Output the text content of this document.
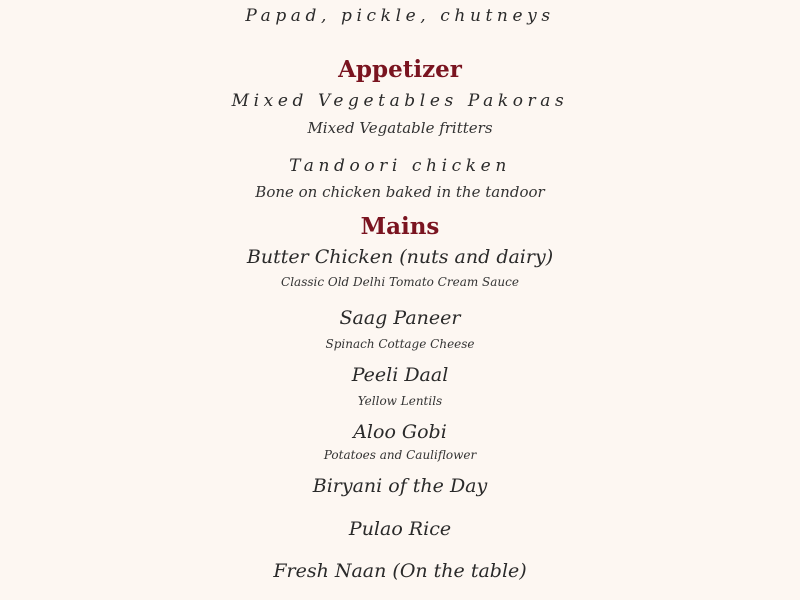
Papad, pickle, chutneys
Appetizer
Mixed Vegetables Pakoras
Mixed Vegatable fritters
Tandoori chicken
Bone on chicken baked in the tandoor
Mains
Butter Chicken (nuts and dairy)
Classic Old Delhi Tomato Cream Sauce
Saag Paneer
Spinach Cottage Cheese
Peeli Daal
Yellow Lentils
Aloo Gobi
Potatoes and Cauliflower
Biryani of the Day
Pulao Rice
Fresh Naan (On the table)
